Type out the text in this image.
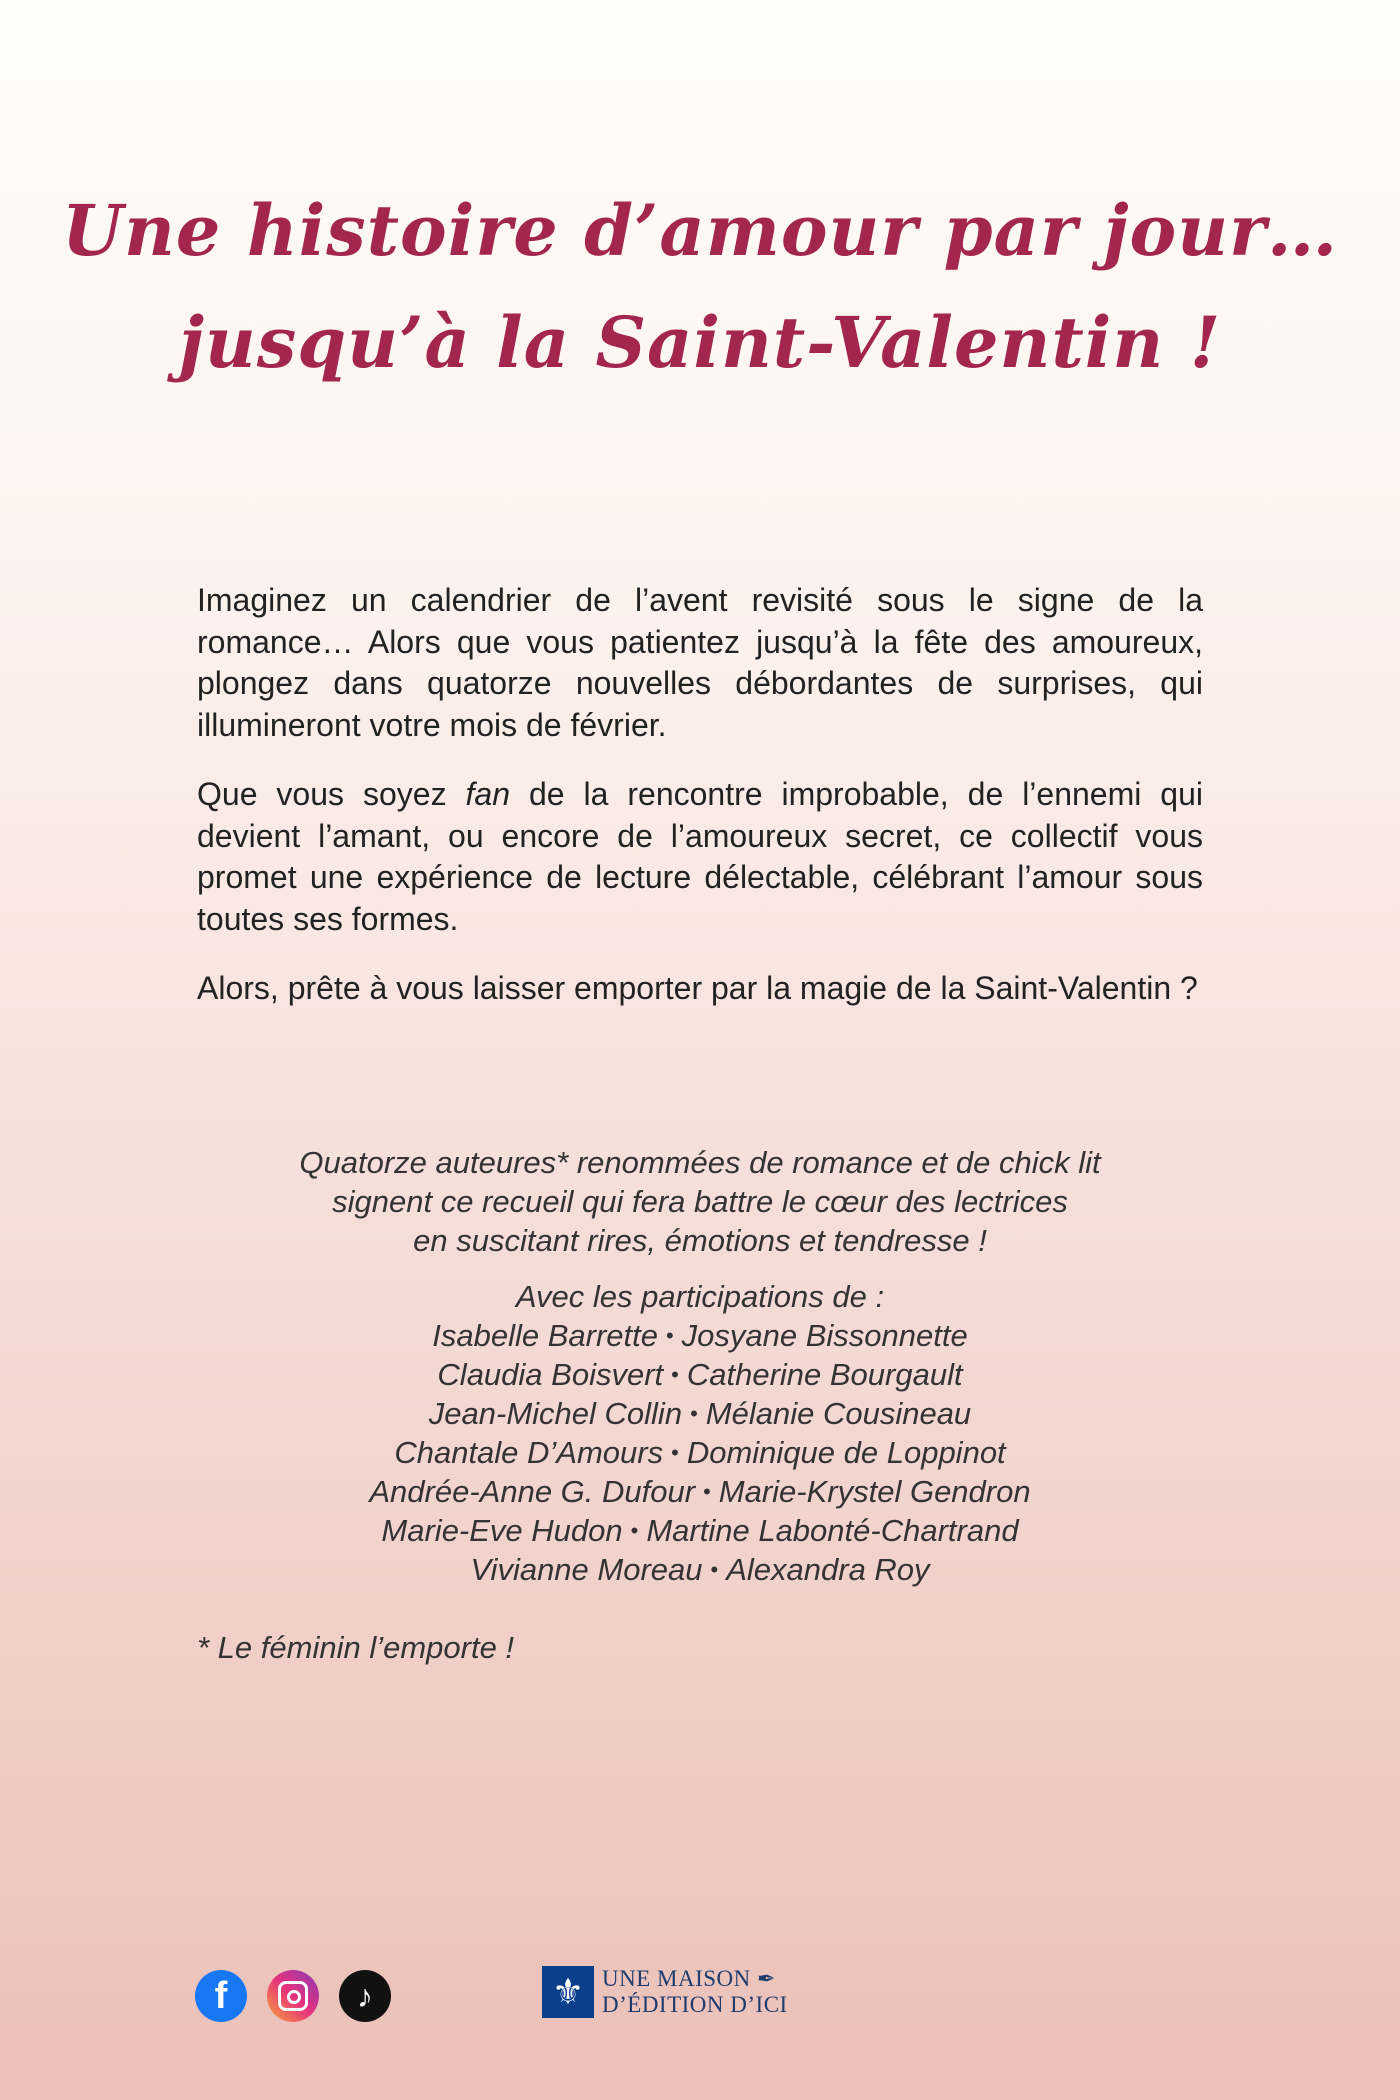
Une histoire d’amour par jour…
jusqu’à la Saint-Valentin !

Imaginez un calendrier de l’avent revisité sous le signe de la romance… Alors que vous patientez jusqu’à la fête des amoureux, plongez dans quatorze nouvelles débordantes de surprises, qui illumineront votre mois de février.

Que vous soyez fan de la rencontre improbable, de l’ennemi qui devient l’amant, ou encore de l’amoureux secret, ce collectif vous promet une expérience de lecture délectable, célébrant l’amour sous toutes ses formes.

Alors, prête à vous laisser emporter par la magie de la Saint-Valentin ?

Quatorze auteures* renommées de romance et de chick lit
signent ce recueil qui fera battre le cœur des lectrices
en suscitant rires, émotions et tendresse !
Avec les participations de :
Isabelle Barrette • Josyane Bissonnette
Claudia Boisvert • Catherine Bourgault
Jean-Michel Collin • Mélanie Cousineau
Chantale D’Amours • Dominique de Loppinot
Andrée-Anne G. Dufour • Marie-Krystel Gendron
Marie-Eve Hudon • Martine Labonté-Chartrand
Vivianne Moreau • Alexandra Roy
* Le féminin l’emporte !
f	♪	⚜ UNE MAISON ✒
D’ÉDITION D’ICI
